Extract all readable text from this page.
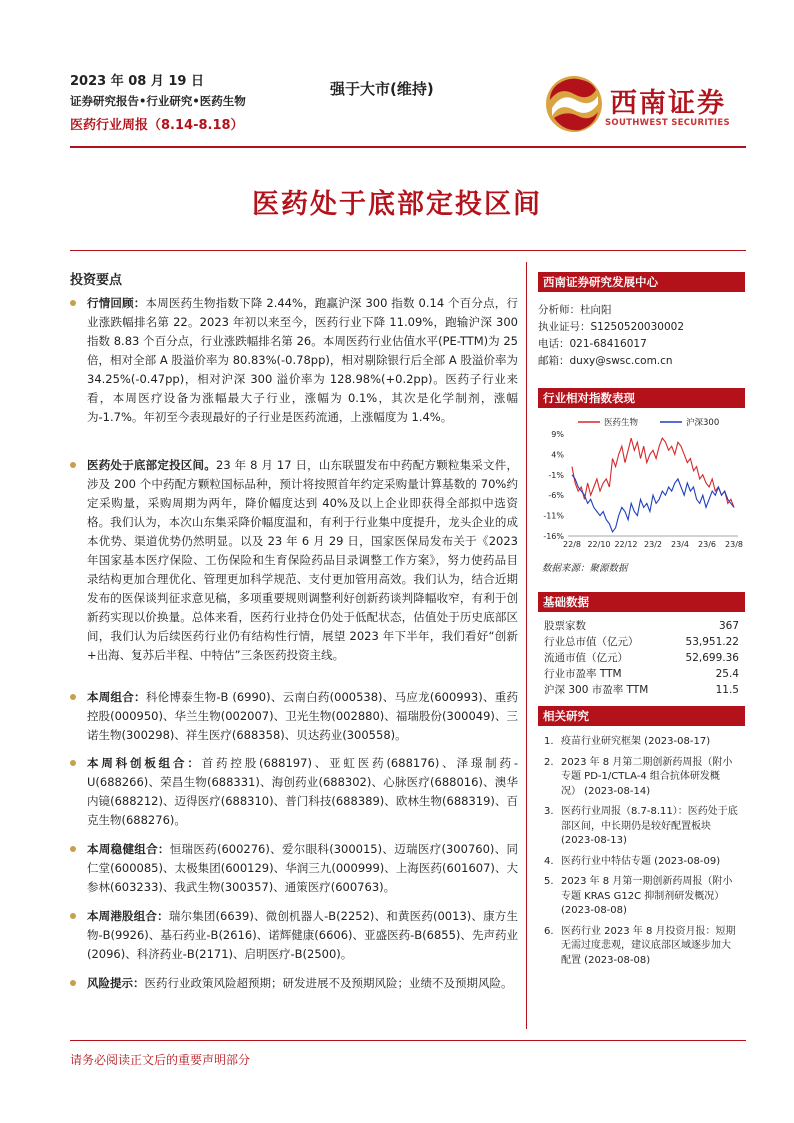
2023 年 08 月 19 日
证券研究报告•行业研究•医药生物
医药行业周报（8.14-8.18）
强于大市(维持)	西南证券
SOUTHWEST SECURITIES
医药处于底部定投区间
投资要点
行情回顾：本周医药生物指数下降 2.44%，跑赢沪深 300 指数 0.14 个百分点，行业涨跌幅排名第 22。2023 年初以来至今，医药行业下降 11.09%，跑输沪深 300 指数 8.83 个百分点，行业涨跌幅排名第 26。本周医药行业估值水平(PE-TTM)为 25 倍，相对全部 A 股溢价率为 80.83%(-0.78pp)，相对剔除银行后全部 A 股溢价率为 34.25%(-0.47pp)，相对沪深 300 溢价率为 128.98%(+0.2pp)。医药子行业来看，本周医疗设备为涨幅最大子行业，涨幅为 0.1%，其次是化学制剂，涨幅为-1.7%。年初至今表现最好的子行业是医药流通，上涨幅度为 1.4%。
医药处于底部定投区间。23 年 8 月 17 日，山东联盟发布中药配方颗粒集采文件，涉及 200 个中药配方颗粒国标品种，预计将按照首年约定采购量计算基数的 70%约定采购量，采购周期为两年，降价幅度达到 40%及以上企业即获得全部拟中选资格。我们认为，本次山东集采降价幅度温和，有利于行业集中度提升，龙头企业的成本优势、渠道优势仍然明显。以及 23 年 6 月 29 日，国家医保局发布关于《2023 年国家基本医疗保险、工伤保险和生育保险药品目录调整工作方案》，努力使药品目录结构更加合理优化、管理更加科学规范、支付更加管用高效。我们认为，结合近期发布的医保谈判征求意见稿，多项重要规则调整利好创新药谈判降幅收窄，有利于创新药实现以价换量。总体来看，医药行业持仓仍处于低配状态，估值处于历史底部区间，我们认为后续医药行业仍有结构性行情，展望 2023 年下半年，我们看好“创新+出海、复苏后半程、中特估”三条医药投资主线。
本周组合：科伦博泰生物-B (6990)、云南白药(000538)、马应龙(600993)、重药控股(000950)、华兰生物(002007)、卫光生物(002880)、福瑞股份(300049)、三诺生物(300298)、祥生医疗(688358)、贝达药业(300558)。
本周科创板组合：首药控股(688197)、亚虹医药(688176)、泽璟制药-U(688266)、荣昌生物(688331)、海创药业(688302)、心脉医疗(688016)、澳华内镜(688212)、迈得医疗(688310)、普门科技(688389)、欧林生物(688319)、百克生物(688276)。
本周稳健组合：恒瑞医药(600276)、爱尔眼科(300015)、迈瑞医疗(300760)、同仁堂(600085)、太极集团(600129)、华润三九(000999)、上海医药(601607)、大参林(603233)、我武生物(300357)、通策医疗(600763)。
本周港股组合：瑞尔集团(6639)、微创机器人-B(2252)、和黄医药(0013)、康方生物-B(9926)、基石药业-B(2616)、诺辉健康(6606)、亚盛医药-B(6855)、先声药业(2096)、科济药业-B(2171)、启明医疗-B(2500)。
风险提示：医药行业政策风险超预期；研发进展不及预期风险；业绩不及预期风险。
西南证券研究发展中心
分析师：杜向阳
执业证号：S1250520030002
电话：021-68416017
邮箱：duxy@swsc.com.cn
行业相对指数表现
医药生物	沪深300
9%
4%
-1%
-6%
-11%
-16%
22/8 22/10 22/12 23/2 23/4 23/6 23/8
数据来源：聚源数据
基础数据
股票家数	367
行业总市值（亿元）	53,951.22
流通市值（亿元）	52,699.36
行业市盈率 TTM	25.4
沪深 300 市盈率 TTM	11.5
相关研究
1. 疫苗行业研究框架 (2023-08-17)
2. 2023 年 8 月第二期创新药周报（附小专题 PD-1/CTLA-4 组合抗体研发概况） (2023-08-14)
3. 医药行业周报（8.7-8.11）：医药处于底部区间，中长期仍是较好配置板块 (2023-08-13)
4. 医药行业中特估专题 (2023-08-09)
5. 2023 年 8 月第一期创新药周报（附小专题 KRAS G12C 抑制剂研发概况） (2023-08-08)
6. 医药行业 2023 年 8 月投资月报：短期无需过度悲观，建议底部区域逐步加大配置 (2023-08-08)
请务必阅读正文后的重要声明部分
